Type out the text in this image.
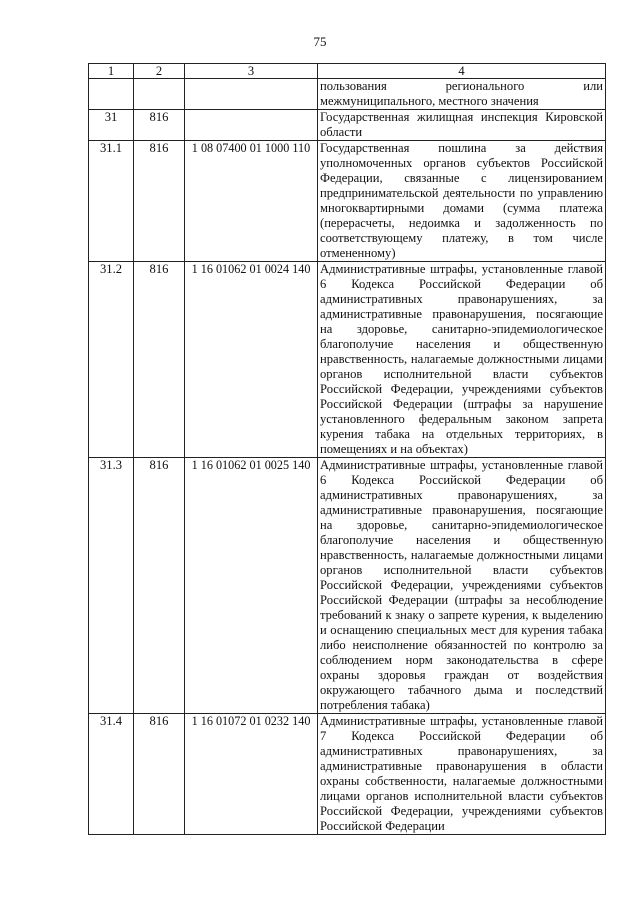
75
1	2	3	4
			пользования регионального или межмуниципального, местного значения
31	816		Государственная жилищная инспекция Кировской области
31.1	816	1 08 07400 01 1000 110	Государственная пошлина за действия уполномоченных органов субъектов Российской Федерации, связанные с лицензированием предпринимательской деятельности по управлению многоквартирными домами (сумма платежа (перерасчеты, недоимка и задолженность по соответствующему платежу, в том числе отмененному)
31.2	816	1 16 01062 01 0024 140	Административные штрафы, установленные главой 6 Кодекса Российской Федерации об административных правонарушениях, за административные правонарушения, посягающие на здоровье, санитарно-эпидемиологическое благополучие населения и общественную нравственность, налагаемые должностными лицами органов исполнительной власти субъектов Российской Федерации, учреждениями субъектов Российской Федерации (штрафы за нарушение установленного федеральным законом запрета курения табака на отдельных территориях, в помещениях и на объектах)
31.3	816	1 16 01062 01 0025 140	Административные штрафы, установленные главой 6 Кодекса Российской Федерации об административных правонарушениях, за административные правонарушения, посягающие на здоровье, санитарно-эпидемиологическое благополучие населения и общественную нравственность, налагаемые должностными лицами органов исполнительной власти субъектов Российской Федерации, учреждениями субъектов Российской Федерации (штрафы за несоблюдение требований к знаку о запрете курения, к выделению и оснащению специальных мест для курения табака либо неисполнение обязанностей по контролю за соблюдением норм законодательства в сфере охраны здоровья граждан от воздействия окружающего табачного дыма и последствий потребления табака)
31.4	816	1 16 01072 01 0232 140	Административные штрафы, установленные главой 7 Кодекса Российской Федерации об административных правонарушениях, за административные правонарушения в области охраны собственности, налагаемые должностными лицами органов исполнительной власти субъектов Российской Федерации, учреждениями субъектов Российской Федерации
